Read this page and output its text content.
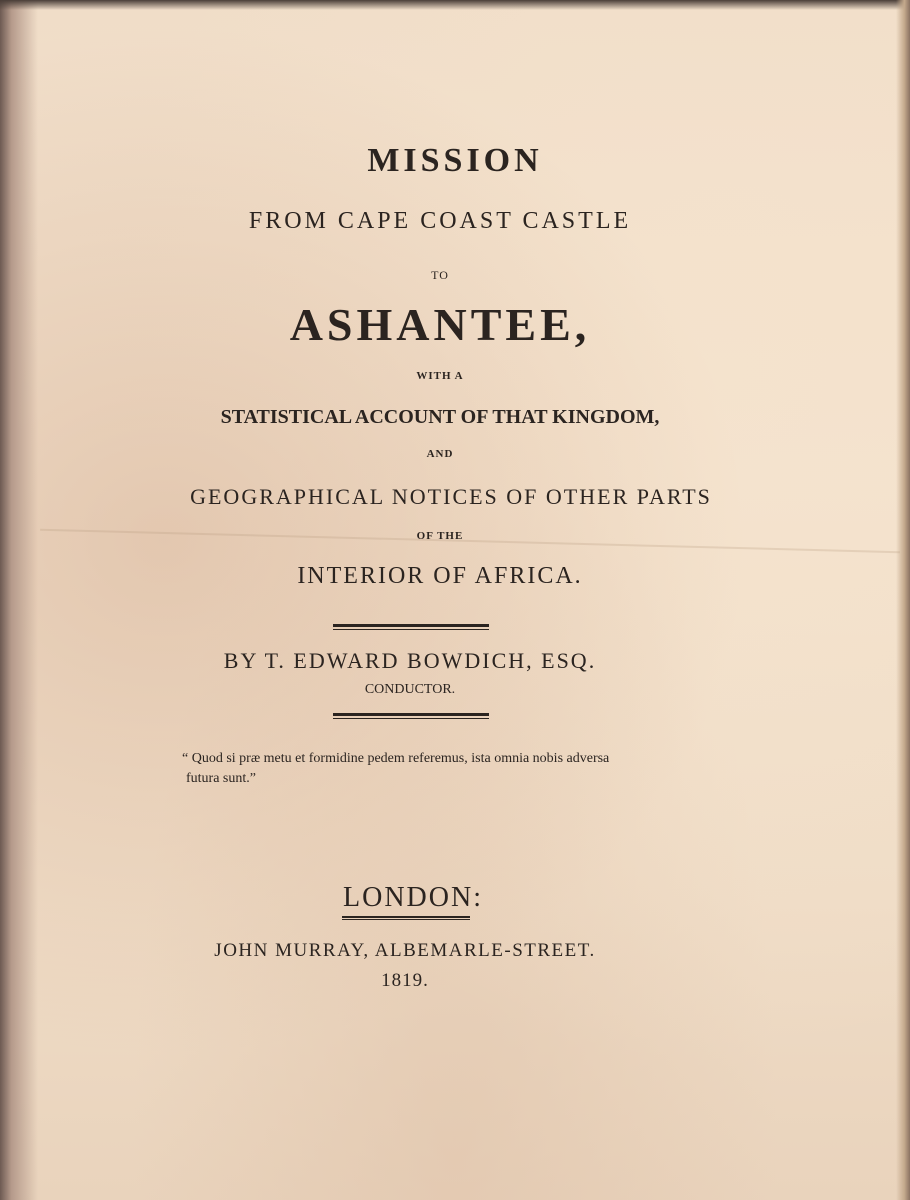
MISSION
FROM CAPE COAST CASTLE
TO
ASHANTEE,
WITH A
STATISTICAL ACCOUNT OF THAT KINGDOM,
AND
GEOGRAPHICAL NOTICES OF OTHER PARTS
OF THE
INTERIOR OF AFRICA.
BY T. EDWARD BOWDICH, ESQ.
CONDUCTOR.
“ Quod si præ metu et formidine pedem referemus, ista omnia nobis adversa
futura sunt.”
LONDON:
JOHN MURRAY, ALBEMARLE-STREET.
1819.
